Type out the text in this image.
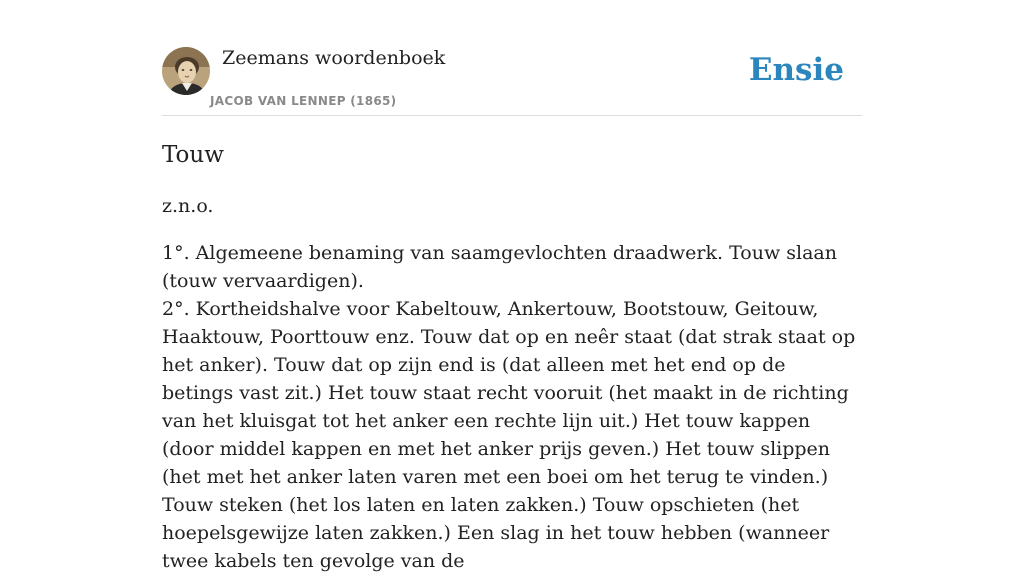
Zeemans woordenboek
JACOB VAN LENNEP (1865)
Ensie
Touw
z.n.o.

1°. Algemeene benaming van saamgevlochten draadwerk. Touw slaan (touw vervaardigen).

2°. Kortheidshalve voor Kabeltouw, Ankertouw, Bootstouw, Geitouw, Haaktouw, Poorttouw enz. Touw dat op en neêr staat (dat strak staat op het anker). Touw dat op zijn end is (dat alleen met het end op de betings vast zit.) Het touw staat recht vooruit (het maakt in de richting van het kluisgat tot het anker een rechte lijn uit.) Het touw kappen (door middel kappen en met het anker prijs geven.) Het touw slippen (het met het anker laten varen met een boei om het terug te vinden.) Touw steken (het los laten en laten zakken.) Touw opschieten (het hoepelsgewijze laten zakken.) Een slag in het touw hebben (wanneer twee kabels ten gevolge van de
